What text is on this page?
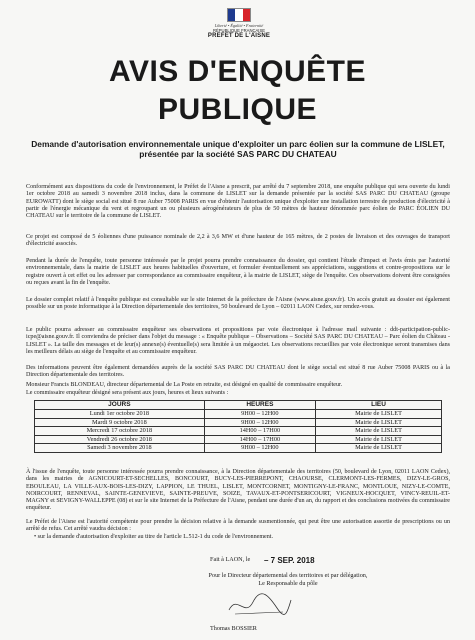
Liberté • Égalité • Fraternité
RÉPUBLIQUE FRANÇAISE
PREFET DE L'AISNE
AVIS D'ENQUÊTE
PUBLIQUE
Demande d'autorisation environnementale unique d'exploiter un parc éolien sur la commune de LISLET, présentée par la société SAS PARC DU CHATEAU

Conformément aux dispositions du code de l'environnement, le Préfet de l'Aisne a prescrit, par arrêté du 7 septembre 2018, une enquête publique qui sera ouverte du lundi 1er octobre 2018 au samedi 3 novembre 2018 inclus, dans la commune de LISLET sur la demande présentée par la société SAS PARC DU CHATEAU (groupe EUROWATT) dont le siège social est situé 8 rue Auber 75008 PARIS en vue d'obtenir l'autorisation unique d'exploiter une installation terrestre de production d'électricité à partir de l'énergie mécanique du vent et regroupant un ou plusieurs aérogénérateurs de plus de 50 mètres de hauteur dénommée parc éolien de PARC ÉOLIEN DU CHATEAU sur le territoire de la commune de LISLET.

Ce projet est composé de 5 éoliennes d'une puissance nominale de 2,2 à 3,6 MW et d'une hauteur de 165 mètres, de 2 postes de livraison et des ouvrages de transport d'électricité associés.

Pendant la durée de l'enquête, toute personne intéressée par le projet pourra prendre connaissance du dossier, qui contient l'étude d'impact et l'avis émis par l'autorité environnementale, dans la mairie de LISLET aux heures habituelles d'ouverture, et formuler éventuellement ses appréciations, suggestions et contre-propositions sur le registre ouvert à cet effet ou les adresser par correspondance au commissaire enquêteur, à la mairie de LISLET, siège de l'enquête. Ces observations doivent être consignées ou reçues avant la fin de l'enquête.

Le dossier complet relatif à l'enquête publique est consultable sur le site Internet de la préfecture de l'Aisne (www.aisne.gouv.fr). Un accès gratuit au dossier est également possible sur un poste informatique à la Direction départementale des territoires, 50 boulevard de Lyon – 02011 LAON Cedex, sur rendez-vous.

Le public pourra adresser au commissaire enquêteur ses observations et propositions par voie électronique à l'adresse mail suivante : ddt-participation-public-icpe@aisne.gouv.fr. Il conviendra de préciser dans l'objet du message : « Enquête publique – Observations – Société SAS PARC DU CHATEAU – Parc éolien du Château - LISLET ». La taille des messages et de leur(s) annexe(s) éventuelle(s) sera limitée à un mégaoctet. Les observations recueillies par voie électronique seront transmises dans les meilleurs délais au siège de l'enquête et au commissaire enquêteur.

Des informations peuvent être également demandées auprès de la société SAS PARC DU CHATEAU dont le siège social est situé 8 rue Auber 75008 PARIS ou à la Direction départementale des territoires.

Monsieur Francis BLONDEAU, directeur départemental de La Poste en retraite, est désigné en qualité de commissaire enquêteur.

Le commissaire enquêteur désigné sera présent aux jours, heures et lieux suivants :

JOURS	HEURES	LIEU
Lundi 1er octobre 2018	9H00 – 12H00	Mairie de LISLET
Mardi 9 octobre 2018	9H00 – 12H00	Mairie de LISLET
Mercredi 17 octobre 2018	14H00 – 17H00	Mairie de LISLET
Vendredi 26 octobre 2018	14H00 – 17H00	Mairie de LISLET
Samedi 3 novembre 2018	9H00 – 12H00	Mairie de LISLET

À l'issue de l'enquête, toute personne intéressée pourra prendre connaissance, à la Direction départementale des territoires (50, boulevard de Lyon, 02011 LAON Cedex), dans les mairies de AGNICOURT-ET-SECHELLES, BONCOURT, BUCY-LES-PIERREPONT, CHAOURSE, CLERMONT-LES-FERMES, DIZY-LE-GROS, EBOULEAU, LA VILLE-AUX-BOIS-LES-DIZY, LAPPION, LE THUEL, LISLET, MONTCORNET, MONTIGNY-LE-FRANC, MONTLOUE, NIZY-LE-COMTE, NOIRCOURT, RENNEVAL, SAINTE-GENEVIEVE, SAINTE-PREUVE, SOIZE, TAVAUX-ET-PONTSERICOURT, VIGNEUX-HOCQUET, VINCY-REUIL-ET-MAGNY et SEVIGNY-WALLEPPE (08) et sur le site Internet de la Préfecture de l'Aisne, pendant une durée d'un an, du rapport et des conclusions motivées du commissaire enquêteur.

Le Préfet de l'Aisne est l'autorité compétente pour prendre la décision relative à la demande susmentionnée, qui peut être une autorisation assortie de prescriptions ou un arrêté de refus. Cet arrêté vaudra décision :

• sur la demande d'autorisation d'exploiter au titre de l'article L.512-1 du code de l'environnement.

Fait à LAON, le – 7 SEP. 2018
Pour le Directeur départemental des territoires et par délégation,
Le Responsable du pôle
Thomas BOSSIER
